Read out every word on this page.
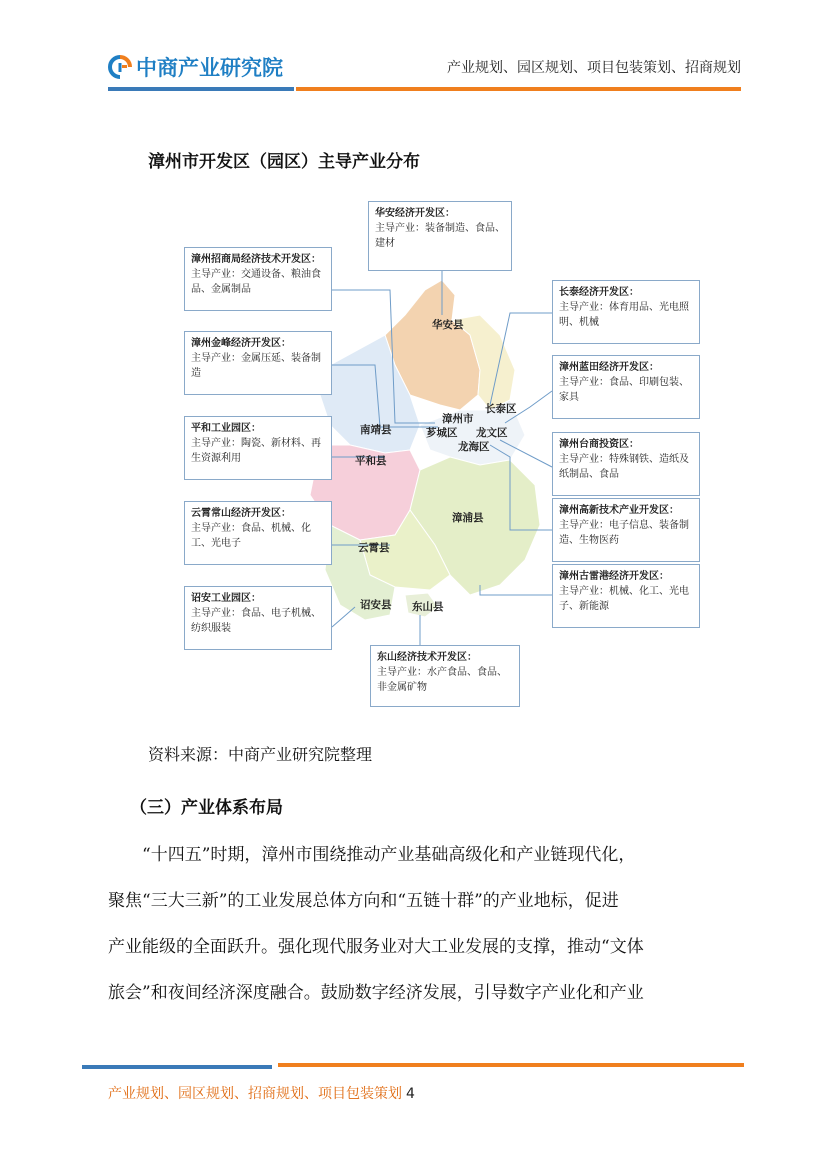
中商产业研究院	产业规划、园区规划、项目包装策划、招商规划
漳州市开发区（园区）主导产业分布
华安经济开发区：
主导产业：装备制造、食品、建材
漳州招商局经济技术开发区：
主导产业：交通设备、粮油食品、金属制品
漳州金峰经济开发区：
主导产业：金属压延、装备制造
平和工业园区：
主导产业：陶瓷、新材料、再生资源利用
云霄常山经济开发区：
主导产业：食品、机械、化工、光电子
诏安工业园区：
主导产业：食品、电子机械、纺织服装
东山经济技术开发区：
主导产业：水产食品、食品、非金属矿物
长泰经济开发区：
主导产业：体育用品、光电照明、机械
漳州蓝田经济开发区：
主导产业：食品、印刷包装、家具
漳州台商投资区：
主导产业：特殊钢铁、造纸及纸制品、食品
漳州高新技术产业开发区：
主导产业：电子信息、装备制造、生物医药
漳州古雷港经济开发区：
主导产业：机械、化工、光电子、新能源
华安县
长泰区
漳州市
芗城区 龙文区
龙海区
南靖县
平和县
漳浦县
云霄县
诏安县 东山县
资料来源：中商产业研究院整理
（三）产业体系布局
“十四五”时期，漳州市围绕推动产业基础高级化和产业链现代化，
聚焦“三大三新”的工业发展总体方向和“五链十群”的产业地标，促进
产业能级的全面跃升。强化现代服务业对大工业发展的支撑，推动“文体
旅会”和夜间经济深度融合。鼓励数字经济发展，引导数字产业化和产业
产业规划、园区规划、招商规划、项目包装策划 4
